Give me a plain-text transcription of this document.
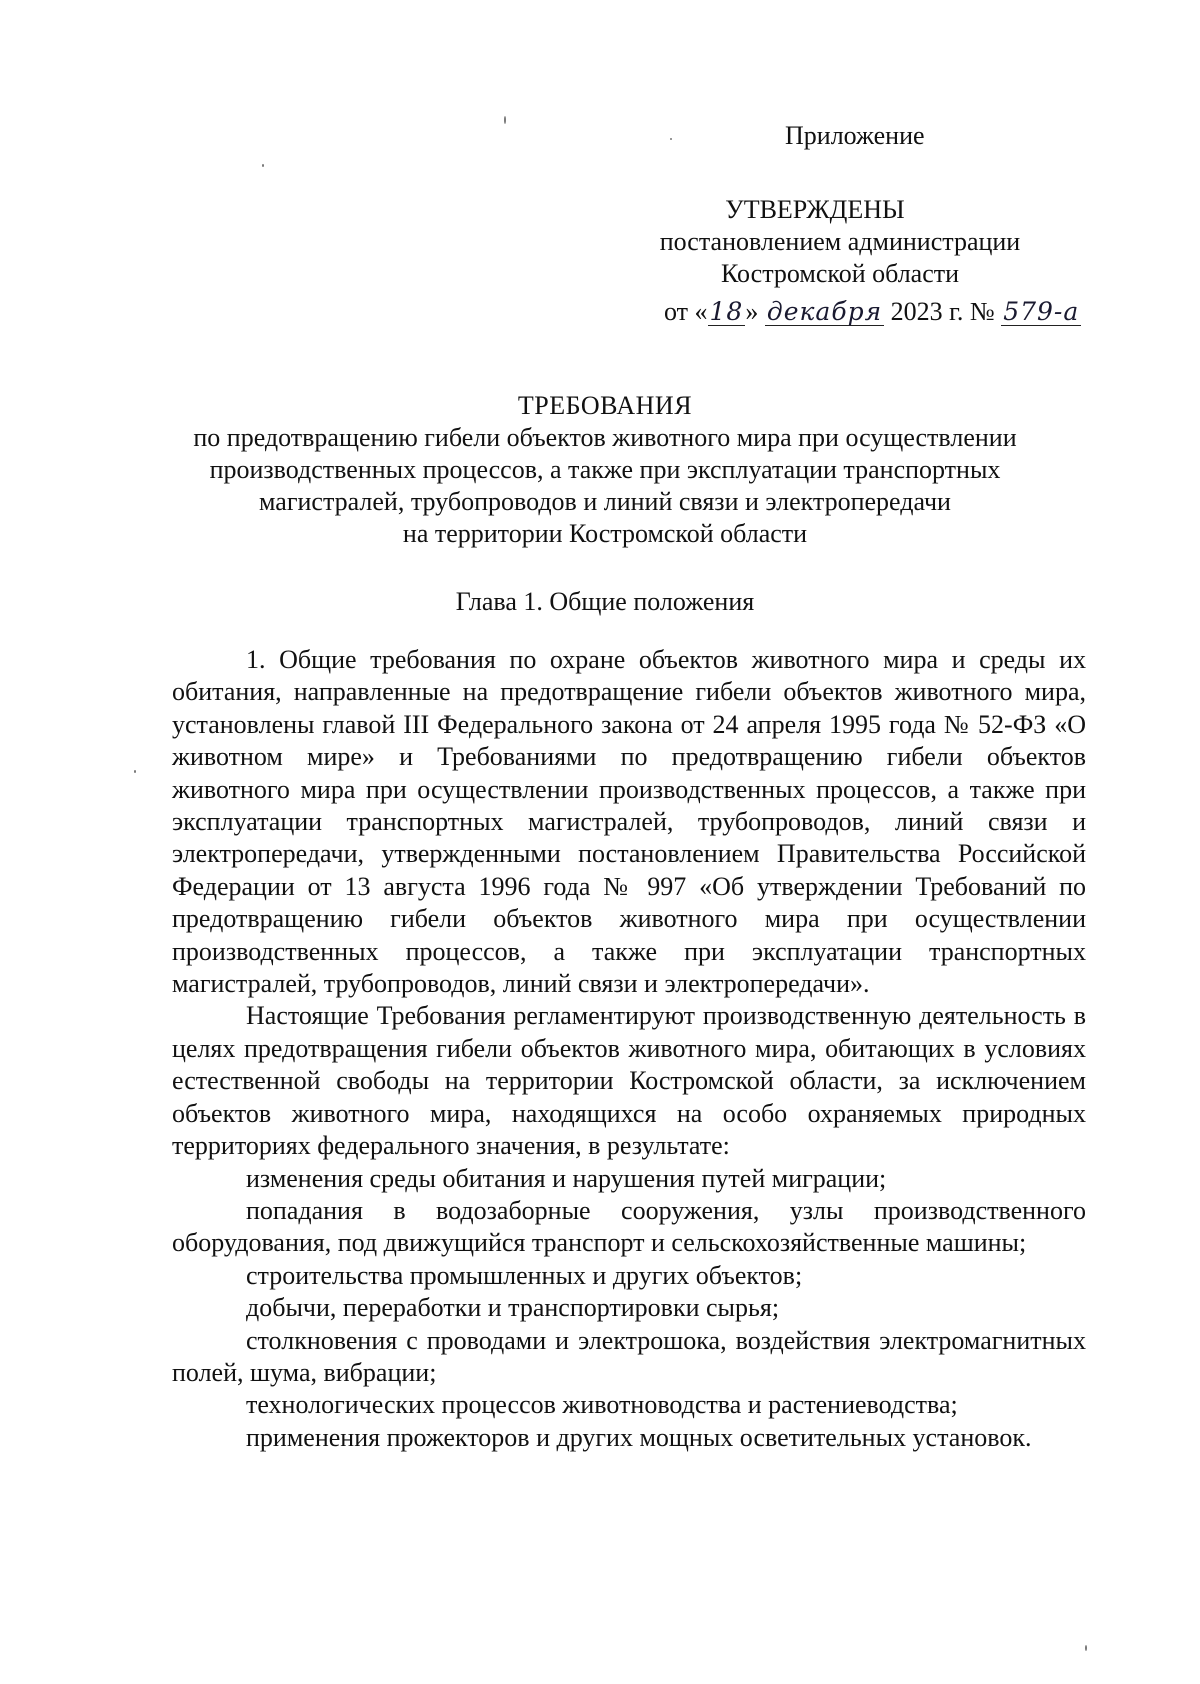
Приложение
УТВЕРЖДЕНЫ
постановлением администрации
Костромской области
от «18» декабря 2023 г. № 579-а
ТРЕБОВАНИЯ
по предотвращению гибели объектов животного мира при осуществлении
производственных процессов, а также при эксплуатации транспортных
магистралей, трубопроводов и линий связи и электропередачи
на территории Костромской области
Глава 1. Общие положения

1. Общие требования по охране объектов животного мира и среды их обитания, направленные на предотвращение гибели объектов животного мира, установлены главой III Федерального закона от 24 апреля 1995 года № 52-ФЗ «О животном мире» и Требованиями по предотвращению гибели объектов животного мира при осуществлении производственных процессов, а также при эксплуатации транспортных магистралей, трубопроводов, линий связи и электропередачи, утвержденными постановлением Правительства Российской Федерации от 13 августа 1996 года № 997 «Об утверждении Требований по предотвращению гибели объектов животного мира при осуществлении производственных процессов, а также при эксплуатации транспортных магистралей, трубопроводов, линий связи и электропередачи».

Настоящие Требования регламентируют производственную деятельность в целях предотвращения гибели объектов животного мира, обитающих в условиях естественной свободы на территории Костромской области, за исключением объектов животного мира, находящихся на особо охраняемых природных территориях федерального значения, в результате:

изменения среды обитания и нарушения путей миграции;

попадания в водозаборные сооружения, узлы производственного оборудования, под движущийся транспорт и сельскохозяйственные машины;

строительства промышленных и других объектов;

добычи, переработки и транспортировки сырья;

столкновения с проводами и электрошока, воздействия электромагнитных полей, шума, вибрации;

технологических процессов животноводства и растениеводства;

применения прожекторов и других мощных осветительных установок.
